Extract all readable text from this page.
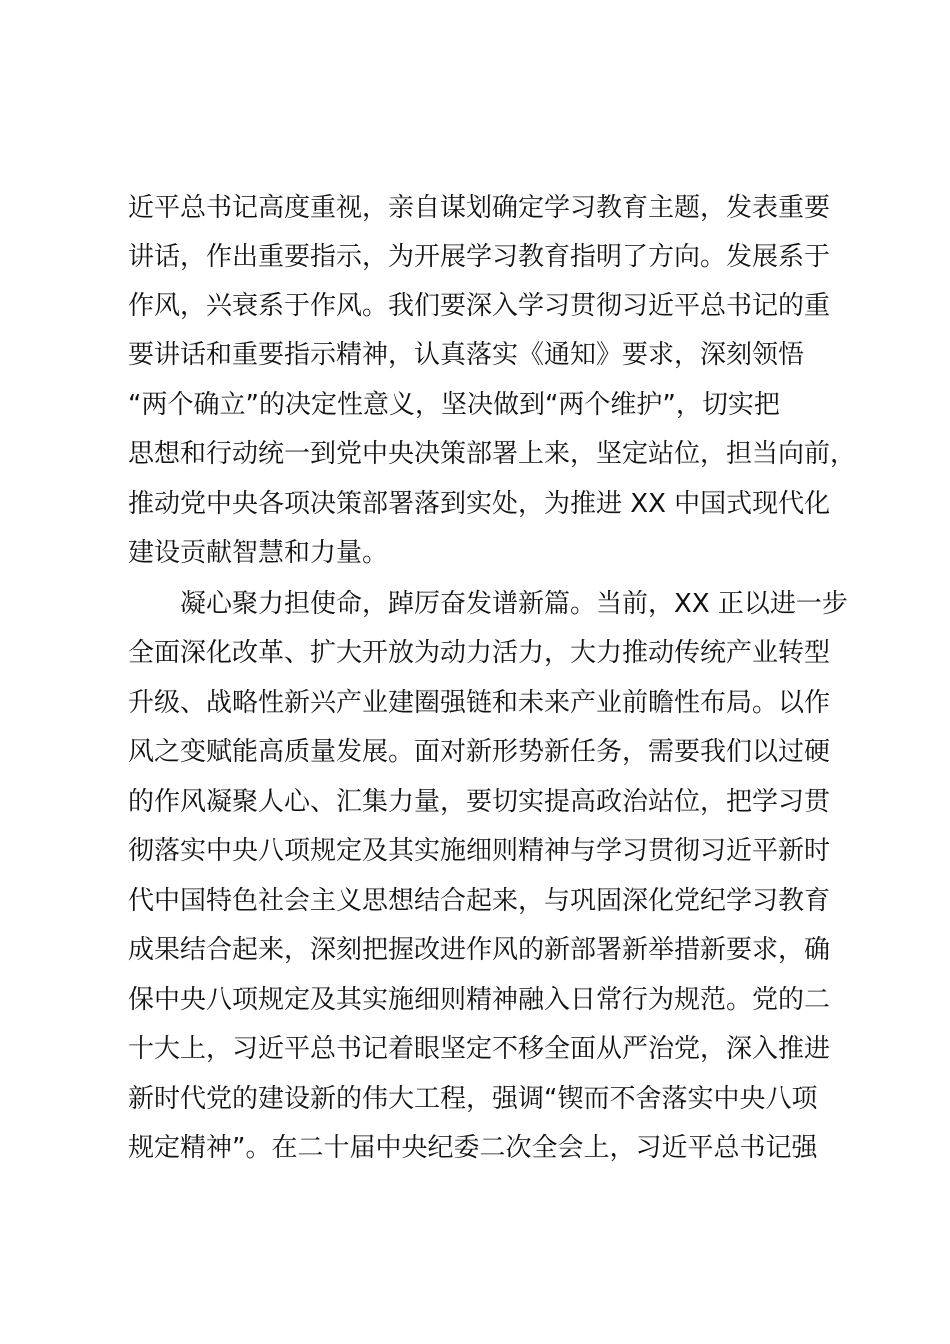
近平总书记高度重视，亲自谋划确定学习教育主题，发表重要
讲话，作出重要指示，为开展学习教育指明了方向。发展系于
作风，兴衰系于作风。我们要深入学习贯彻习近平总书记的重
要讲话和重要指示精神，认真落实《通知》要求，深刻领悟
“两个确立”的决定性意义，坚决做到“两个维护”，切实把
思想和行动统一到党中央决策部署上来，坚定站位，担当向前，
推动党中央各项决策部署落到实处，为推进 XX 中国式现代化
建设贡献智慧和力量。
凝心聚力担使命，踔厉奋发谱新篇。当前，XX 正以进一步
全面深化改革、扩大开放为动力活力，大力推动传统产业转型
升级、战略性新兴产业建圈强链和未来产业前瞻性布局。以作
风之变赋能高质量发展。面对新形势新任务，需要我们以过硬
的作风凝聚人心、汇集力量，要切实提高政治站位，把学习贯
彻落实中央八项规定及其实施细则精神与学习贯彻习近平新时
代中国特色社会主义思想结合起来，与巩固深化党纪学习教育
成果结合起来，深刻把握改进作风的新部署新举措新要求，确
保中央八项规定及其实施细则精神融入日常行为规范。党的二
十大上，习近平总书记着眼坚定不移全面从严治党，深入推进
新时代党的建设新的伟大工程，强调“锲而不舍落实中央八项
规定精神”。在二十届中央纪委二次全会上，习近平总书记强
